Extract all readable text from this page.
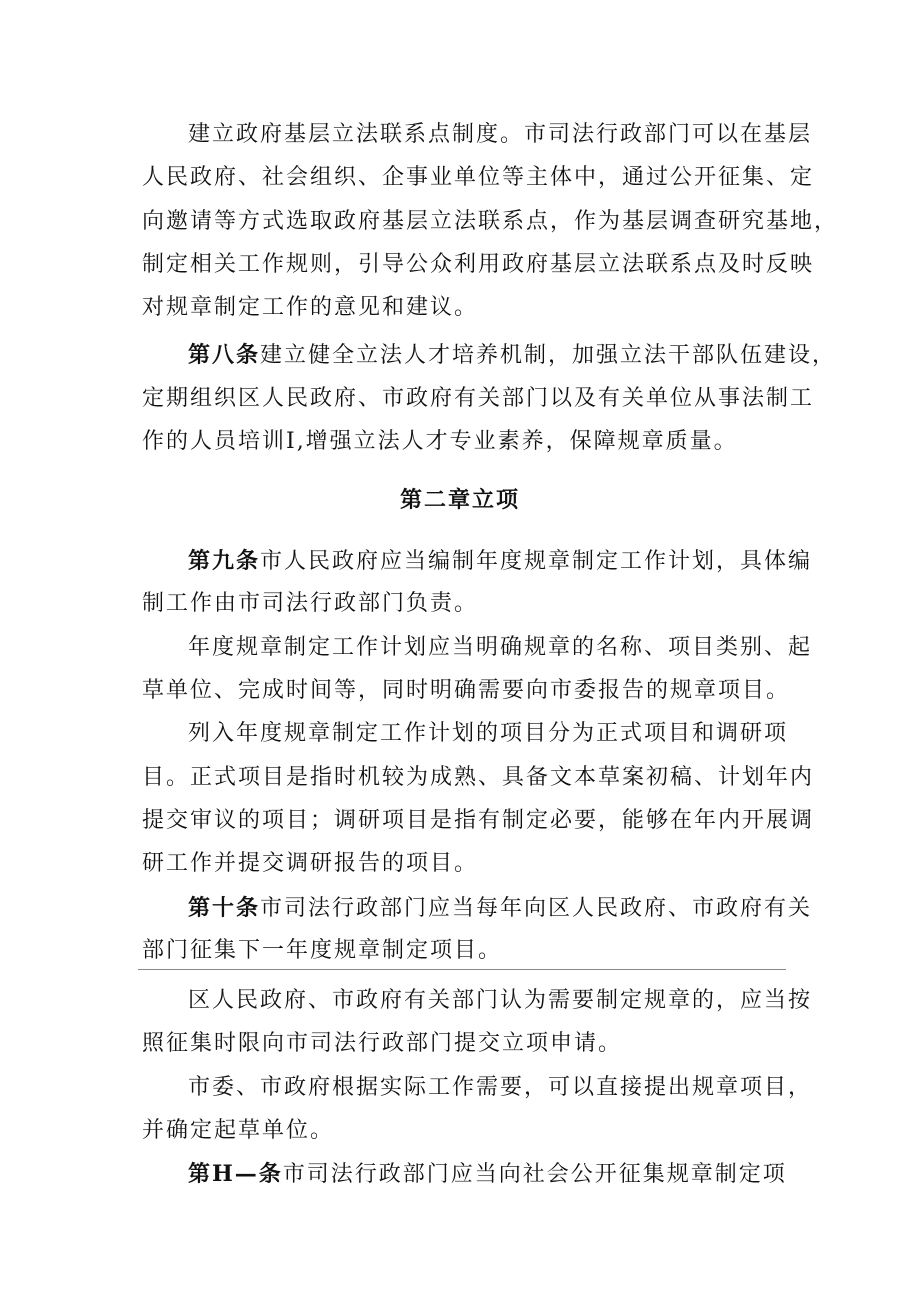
建立政府基层立法联系点制度。市司法行政部门可以在基层
人民政府、社会组织、企事业单位等主体中，通过公开征集、定
向邀请等方式选取政府基层立法联系点，作为基层调查研究基地，
制定相关工作规则，引导公众利用政府基层立法联系点及时反映
对规章制定工作的意见和建议。
第八条建立健全立法人才培养机制，加强立法干部队伍建设，
定期组织区人民政府、市政府有关部门以及有关单位从事法制工
作的人员培训I,增强立法人才专业素养，保障规章质量。
第二章立项
第九条市人民政府应当编制年度规章制定工作计划，具体编
制工作由市司法行政部门负责。
年度规章制定工作计划应当明确规章的名称、项目类别、起
草单位、完成时间等，同时明确需要向市委报告的规章项目。
列入年度规章制定工作计划的项目分为正式项目和调研项
目。正式项目是指时机较为成熟、具备文本草案初稿、计划年内
提交审议的项目；调研项目是指有制定必要，能够在年内开展调
研工作并提交调研报告的项目。
第十条市司法行政部门应当每年向区人民政府、市政府有关
部门征集下一年度规章制定项目。
区人民政府、市政府有关部门认为需要制定规章的，应当按
照征集时限向市司法行政部门提交立项申请。
市委、市政府根据实际工作需要，可以直接提出规章项目，
并确定起草单位。
第H—条市司法行政部门应当向社会公开征集规章制定项
